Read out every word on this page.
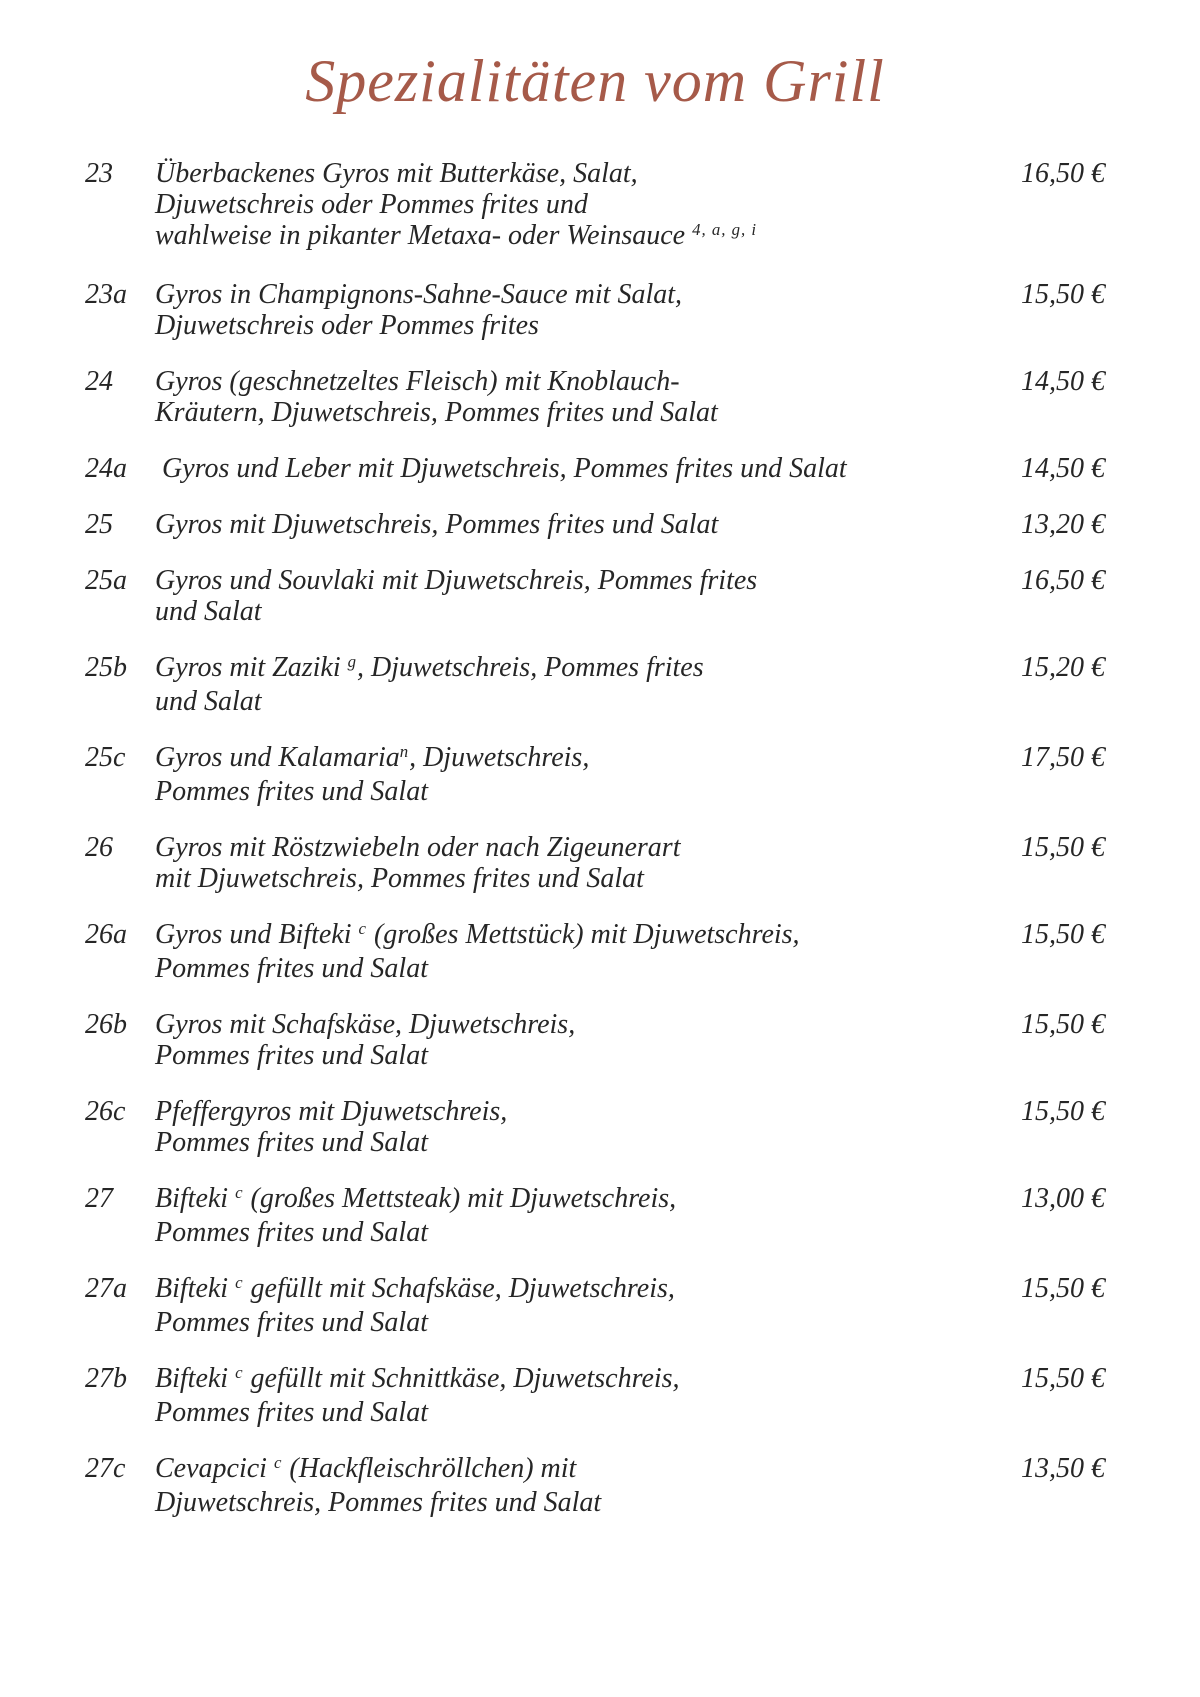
Spezialitäten vom Grill
23	Überbackenes Gyros mit Butterkäse, Salat,
Djuwetschreis oder Pommes frites und
wahlweise in pikanter Metaxa- oder Weinsauce $^{4, a, g, i}$
16,50 €
23a	Gyros in Champignons-Sahne-Sauce mit Salat,
Djuwetschreis oder Pommes frites
15,50 €
24	Gyros (geschnetzeltes Fleisch) mit Knoblauch-
Kräutern, Djuwetschreis, Pommes frites und Salat
14,50 €
24a	Gyros und Leber mit Djuwetschreis, Pommes frites und Salat	14,50 €
25	Gyros mit Djuwetschreis, Pommes frites und Salat	13,20 €
25a	Gyros und Souvlaki mit Djuwetschreis, Pommes frites
und Salat
16,50 €
25b	Gyros mit Zaziki $^g$, Djuwetschreis, Pommes frites
und Salat
15,20 €
25c	Gyros und Kalamaria$^n$, Djuwetschreis,
Pommes frites und Salat
17,50 €
26	Gyros mit Röstzwiebeln oder nach Zigeunerart
mit Djuwetschreis, Pommes frites und Salat
15,50 €
26a	Gyros und Bifteki $^c$ (großes Mettstück) mit Djuwetschreis,
Pommes frites und Salat
15,50 €
26b	Gyros mit Schafskäse, Djuwetschreis,
Pommes frites und Salat
15,50 €
26c	Pfeffergyros mit Djuwetschreis,
Pommes frites und Salat
15,50 €
27	Bifteki $^c$ (großes Mettsteak) mit Djuwetschreis,
Pommes frites und Salat
13,00 €
27a	Bifteki $^c$ gefüllt mit Schafskäse, Djuwetschreis,
Pommes frites und Salat
15,50 €
27b	Bifteki $^c$ gefüllt mit Schnittkäse, Djuwetschreis,
Pommes frites und Salat
15,50 €
27c	Cevapcici $^c$ (Hackfleischröllchen) mit
Djuwetschreis, Pommes frites und Salat
13,50 €
